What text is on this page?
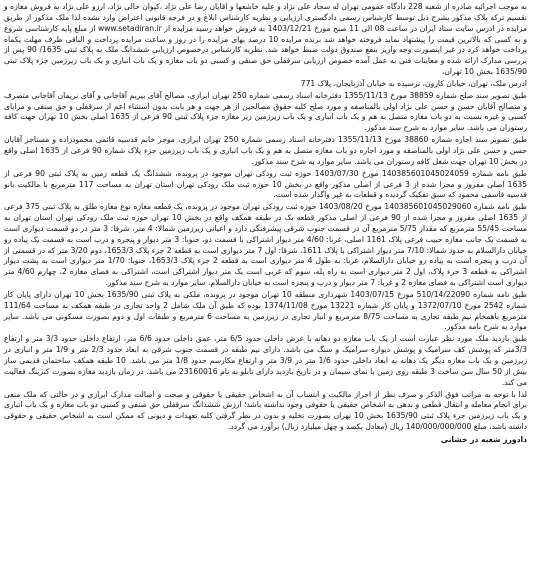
به موجب اجرائیه صادره از شعبه 228 دادگاه عمومی تهران له سجاد علی نژاد و علیه خاشعها و اقایان رضا علی نژاد ،کیوان حالی نژاد، ارزو علی نژاد به فروش مغازه و تقسیم ترکه پلاک مذکور بشرح ذیل توسط کارشناس رسمی دادگستری ارزیابی و نظریه کارشناس ابلاغ و در فرجه قانونی اعتراض وارد نشده لذا ملک مذکور از طریق مزایده در ادرس سایت ستاد ایران در ساعت 08 الی 11 صبح مورخ 1403/12/21 به فروش خواهد رسید مزایده از www.setadiran.ir از مبلغ پایه کارشناسی شروع و به کسی که بالاترین قیمت را پیشنهاد نماید فروخته خواهد شد برنده مزایده 10 درصد بهای مزایده را در روز و ساعت مزایده پرداخت و الباقی ظرف مهلت یکماه پرداخت خواهد کرد در غیر اینصورت وجه واریز بنفع صندوق دولت ضبط خواهد شد. نظریه کارشناس درخصوص ارزیابی ششدانگ ملک به پلاک ثبتی 1635/ 90 پس از بررسی مدارک ارائه شده و معاینات فنی به عمل آمده خصوص ارزیابی سرقفلی حق صنفی و کسبی دو باب مغازه و یک باب انباری و یک باب زیرزمین جزء پلاک ثبتی 1635/90 بخش 10 تهران،

ادرس ملک، تهران، خیابان کارون، نرسیده به خیابان آذربایجان، پلاک 771

طبق تصویر سند صلح شماره 38859 مورخ 1355/11/13 دفترخانه اسناد رسمی شماره 250 تهران ابرازی، مصالح آقای بیریم آقاجانی و آقای نریمان آقاجانی متصرف و متصالح آقایان حسن و حسن علی نژاد اولی بالمناصفه و مورد صلح کلیه حقوق مصالحین از هر جهت و هر بابت بدون استثناء اعم از سرقفلی و حق صنفی و مزایای کسبی و غیره نسبت به دو باب مغازه متصل به هم و یک باب انباری و یک باب زیرزمین زیر مغازه جزء پلاک ثبتی 90 فرعی از 1635 اصلی بخش 10 تهران جهت کافه رستوران می باشد. سایر موارد به شرح سند مذکور.

طبق تصویر سند اجاره شماره 38860 مورخ 1355/11/13 دفترخانه اسناد رسمی شماره 250 تهران ابرازی، موجر خانم قدسیه قائمی محمودزاده و مستاجر آقایان حسن و حسن علی نژاد اولی بالمناصفه و مورد اجاره دو باب مغازه متصل به هم و یک باب انباری و یک باب زیرزمین جزء پلاک شماره 90 فرعی از 1635 اصلی واقع در بخش 10 تهران جهت شغل کافه رستوران می باشد. سایر موارد به شرح سند مذکور.

طبق نامه شماره 140385601045024059 مورخ 1403/07/30 حوزه ثبت رودکی تهران موجود در پرونده، ششدانگ یک قطعه زمین به پلاک ثبتی 90 فرعی از 1635 اصلی مفروز و مجزا شده از 3 فرعی از اصلی مذکور واقع در بخش 10 حوزه ثبت ملک رودکی تهران استان تهران به مساحت 117 مترمربع با مالکیت بانو قدسیه قاسمی محمود که سبق تفکیک گردیده و قطعات به غیر واگذار شده است.

طبق نامه شماره 140385601045029060 مورخ 1403/08/20 حوزه ثبت رودکی تهران موجود در پرونده، یک قطعه مغازه نوع مغازه طلق به پلاک ثبتی 375 فرعی از 1635 اصلی مفروز و مجزا شده از 90 فرعی از اصلی مذکور قطعه یک در طبقه همکف واقع در بخش 10 تهران حوزه ثبت ملک رودکی تهران استان تهران به مساحت 55/45 مترمربع که مقدار 5/75 مترمربع آن در قسمت جنوب شرقی پیشرفتگی دارد و اعیانی زیرزمین شمالا: 4 متر، شرقا: 3 متر در دو قسمت دیواری است به قسمت یک جانب مغازه حبیب فرعی پلاک 1161 اصلی، غربا: 4/60 متر دیوار اشتراکی با قسمت دو، جنوبا: 3 متر دیوار و پنجره و درب است به قسمت یک پیاده رو خیابان دارالسلام به حدود شمالا: 7/10 متر دیوار اشتراکی با پلاک 1611، شرقا: اول 7 متر دیواری است به قطعه 2 جزء پلاک 1653/3، دوم 3/20 متر که در قسمتی از آن درب و پنجره است به پیاده رو خیابان دارالسلام، غربا: به طول 4 متر دیواری است به قطعه 2 جزء پلاک 1653/3، جنوبا: 1/70 متر دیواری است به پشت دیوار اشتراکی به قطعه 3 جزء پلاک، اول 2 متر دیواری است به راه پله، سوم که غربی است یک متر دیوار اشتراکی است، اشتراکی به فضای مغازه 2، چهارم 4/60 متر دیواری است اشتراکی به فضای مغازه 2 و غربا: 7 متر دیوار و درب و پنجره است به خیابان دارالسلام. سایر موارد به شرح سند مذکور.

طبق نامه شماره 510/14/22090 مورخ 1403/07/15 شهرداری منطقه 10 تهران موجود در پرونده، ملکی به پلاک ثبتی 1635/90 بخش 10 تهران دارای پایان کار شماره 2542 مورخ 1372/07/10 و پایان کار شماره 13221 مورخ 1374/11/08 بوده که طبق آن ملک شامل 2 واحد تجاری در طبقه همکف به مساحت 111/64 مترمربع باهمخام نیم طبقه تجاری به مساحت 8/75 مترمربع و انبار تجاری در زیرزمین به مساحت 6 مترمربع و طبقات اول و دوم بصورت مسکونی می باشد. سایر موارد به شرح نامه مذکور.

طبق بازدید ملک مورد نظر عبارت است از یک باب مغازه دو دهانه با عرض داخلی حدود 6/5 متر، عمق داخلی حدود 6/6 متر، ارتفاع داخلی حدود 3/3 متر و ارتفاع 3/3متر که پوشش کف سرامیک و پوشش دیواره سرامیک و سنگ می باشد. دارای نیم طبقه در قسمت جنوب شرقی به ابعاد حدود 2/3 متر و 1/9 متر و انباری در زیرزمین و یک باب مغازه دیگر یک دهانه به ابعاد داخلی حدود 1/6 متر در 3/9 متر و ارتفاع مکارسم حدود 1/8 متر می باشد. 10 طبقه همکف ساختمان قدیمی ساز بیش از 50 سال سن ساخت 3 طبقه روی زمین با نمای سیمان و در تاریخ بازدید دارای تابلو به نام 23160016 می باشد. در زمان بازدید مغازه بصورت کترینگ فعالیت می کند.

لذا با توجه به مراتب فوق الذکر و صرف نظر از احراز مالکیت و انتساب آن به اشخاص حقیقی یا حقوقی و صحت و اصالت مدارک ابرازی و در حالتی که ملک منعی برای انجام معامله و انتقال قطعی و بدهی به اشخاص حقیقی یا حقوقی وجود نداشته باشد؛ ارزش ششدانگ سرقفلی حق صنفی و کسبی دو باب مغازه و یک باب انباری و یک باب زیرزمین جزء پلاک ثبتی 1635/90 بخش 10 تهران بصورت تخلیه و بدون در نظر گرفتن کلیه تعهدات و دیونی که ممکن است به اشخاص حقیقی و حقوقی داشته باشد، مبلغ 140/000/000/000 ریال (معادل یکصد و چهل میلیارد ریال) برآورد می گردد.

دادورز شعبه در خشانی
